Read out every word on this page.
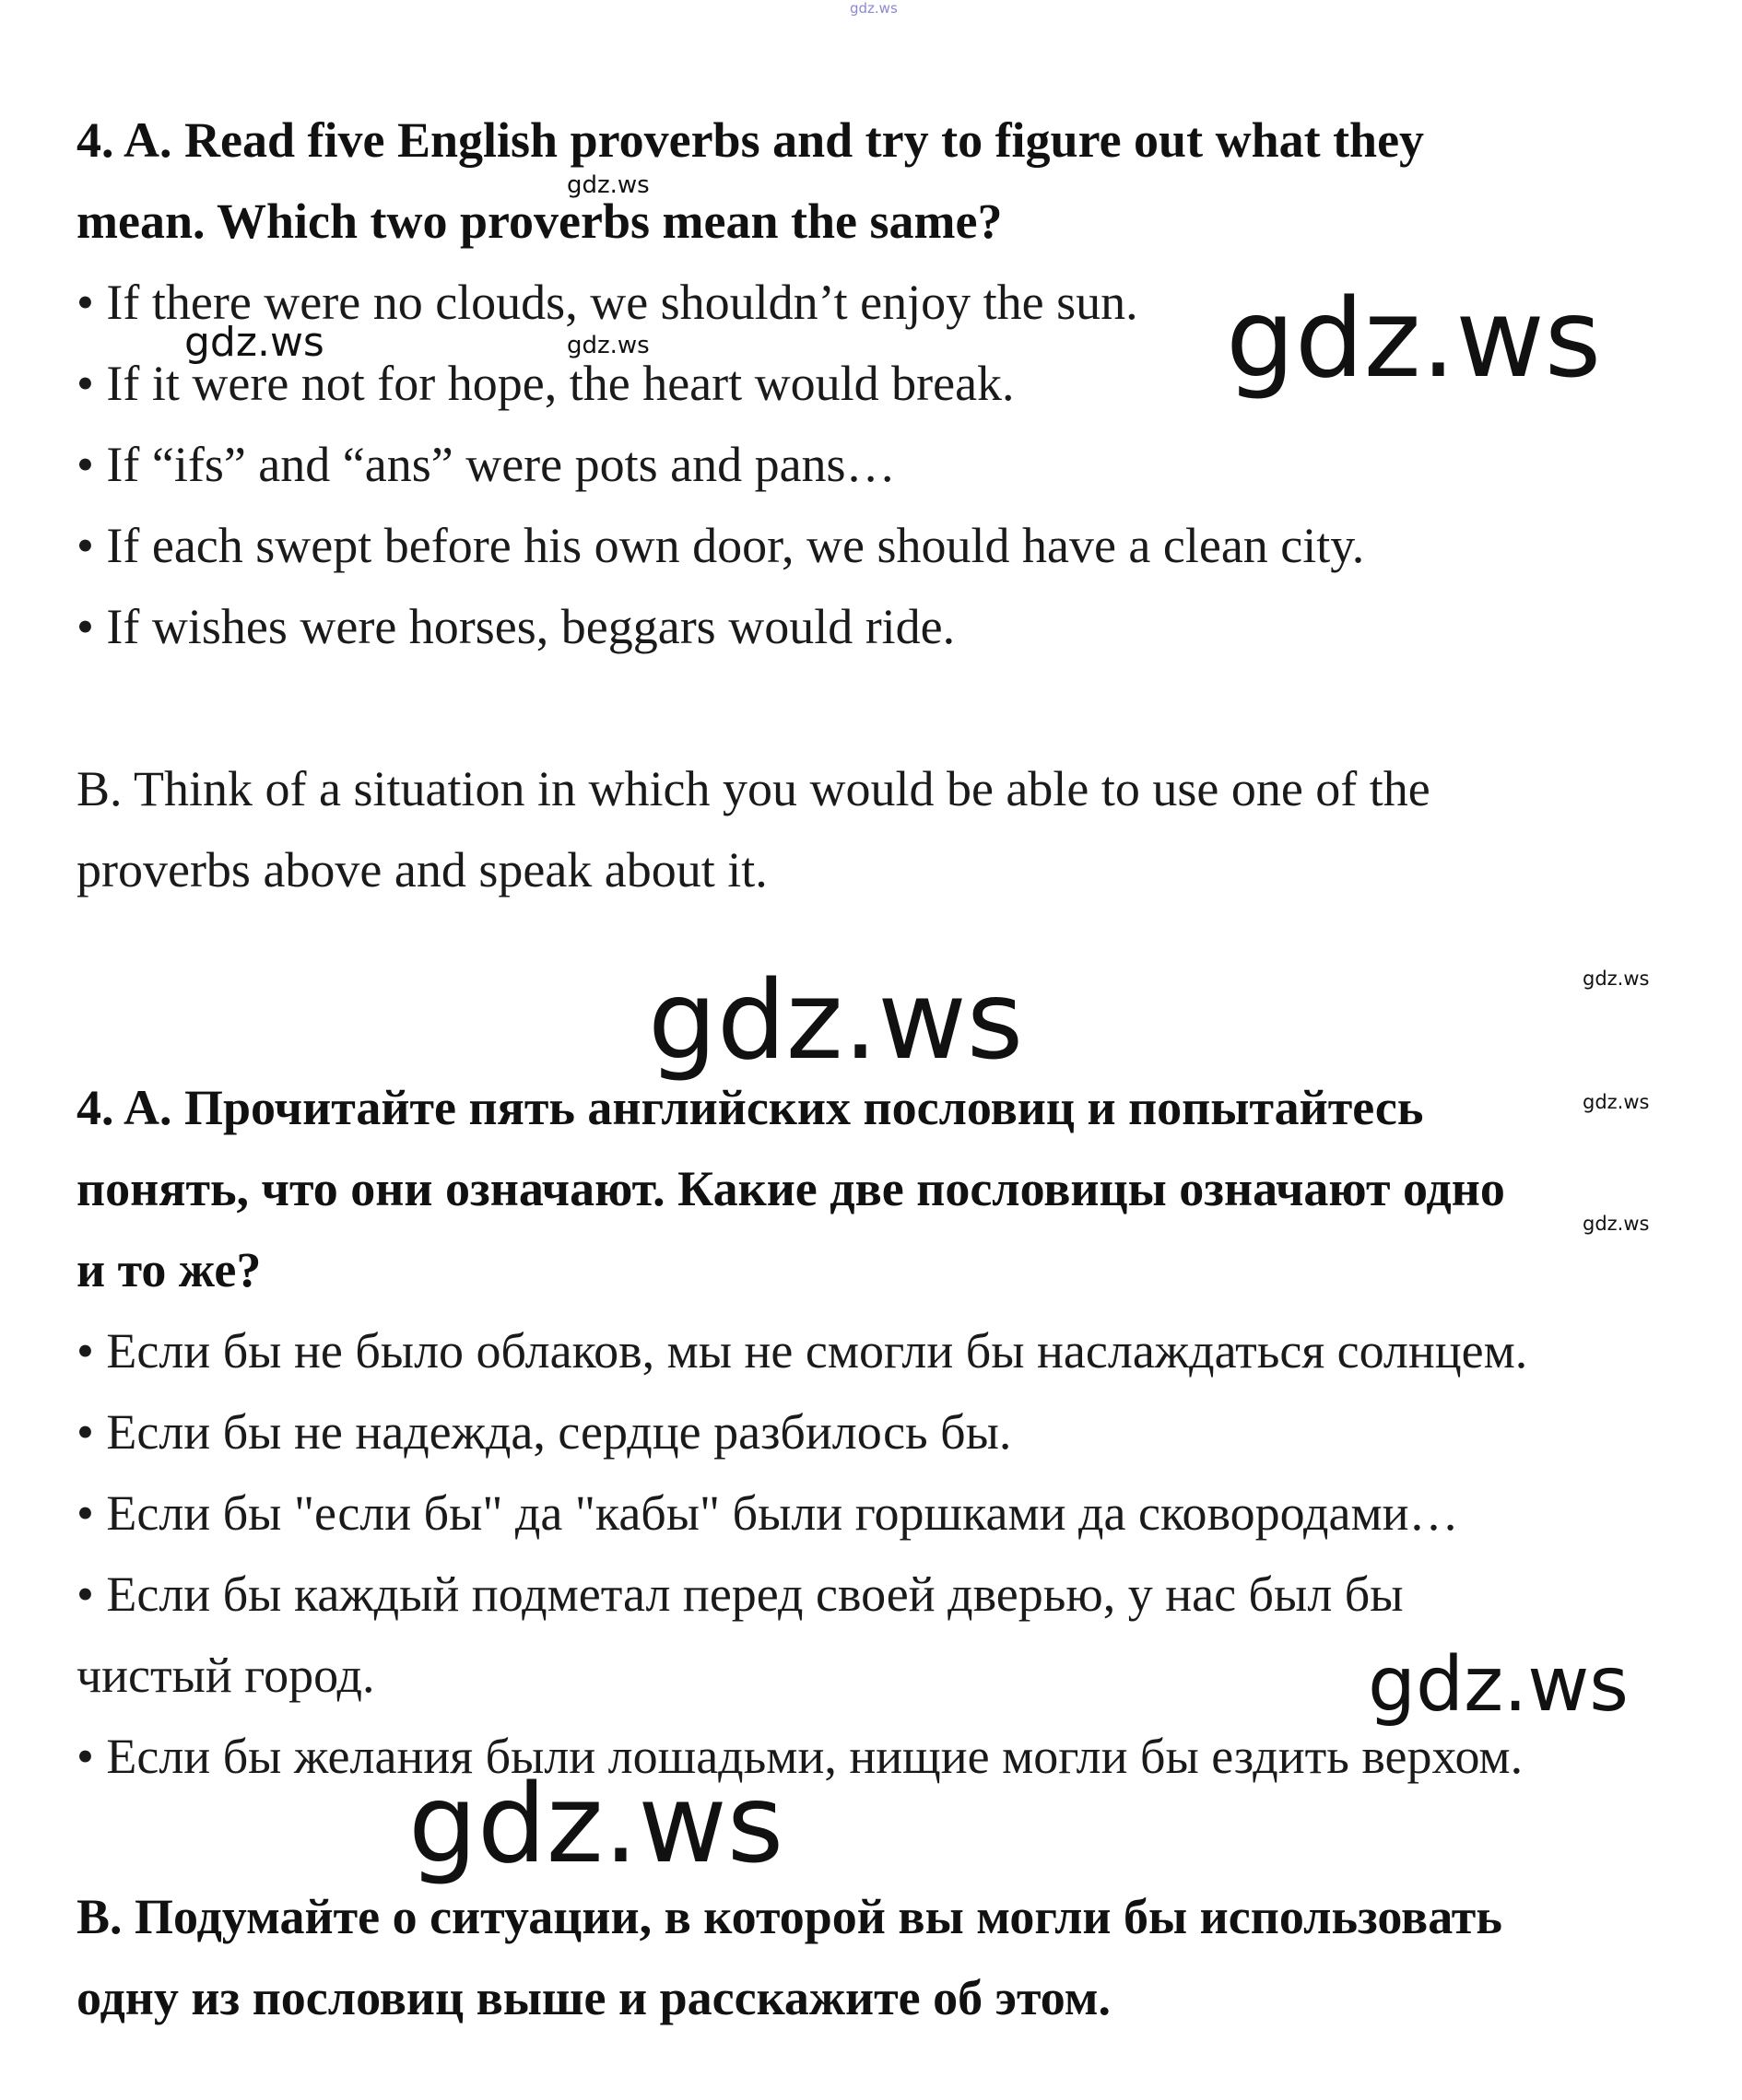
4. A. Read five English proverbs and try to figure out what they
mean. Which two proverbs mean the same?
• If there were no clouds, we shouldn’t enjoy the sun.
• If it were not for hope, the heart would break.
• If “ifs” and “ans” were pots and pans…
• If each swept before his own door, we should have a clean city.
• If wishes were horses, beggars would ride.
B. Think of a situation in which you would be able to use one of the
proverbs above and speak about it.
4. A. Прочитайте пять английских пословиц и попытайтесь
понять, что они означают. Какие две пословицы означают одно
и то же?
• Если бы не было облаков, мы не смогли бы наслаждаться солнцем.
• Если бы не надежда, сердце разбилось бы.
• Если бы "если бы" да "кабы" были горшками да сковородами…
• Если бы каждый подметал перед своей дверью, у нас был бы
чистый город.
• Если бы желания были лошадьми, нищие могли бы ездить верхом.
B. Подумайте о ситуации, в которой вы могли бы использовать
одну из пословиц выше и расскажите об этом.
gdz.ws
gdz.ws
gdz.ws
gdz.ws	gdz.ws
gdz.ws	gdz.ws
gdz.ws
gdz.ws
gdz.ws
gdz.ws
